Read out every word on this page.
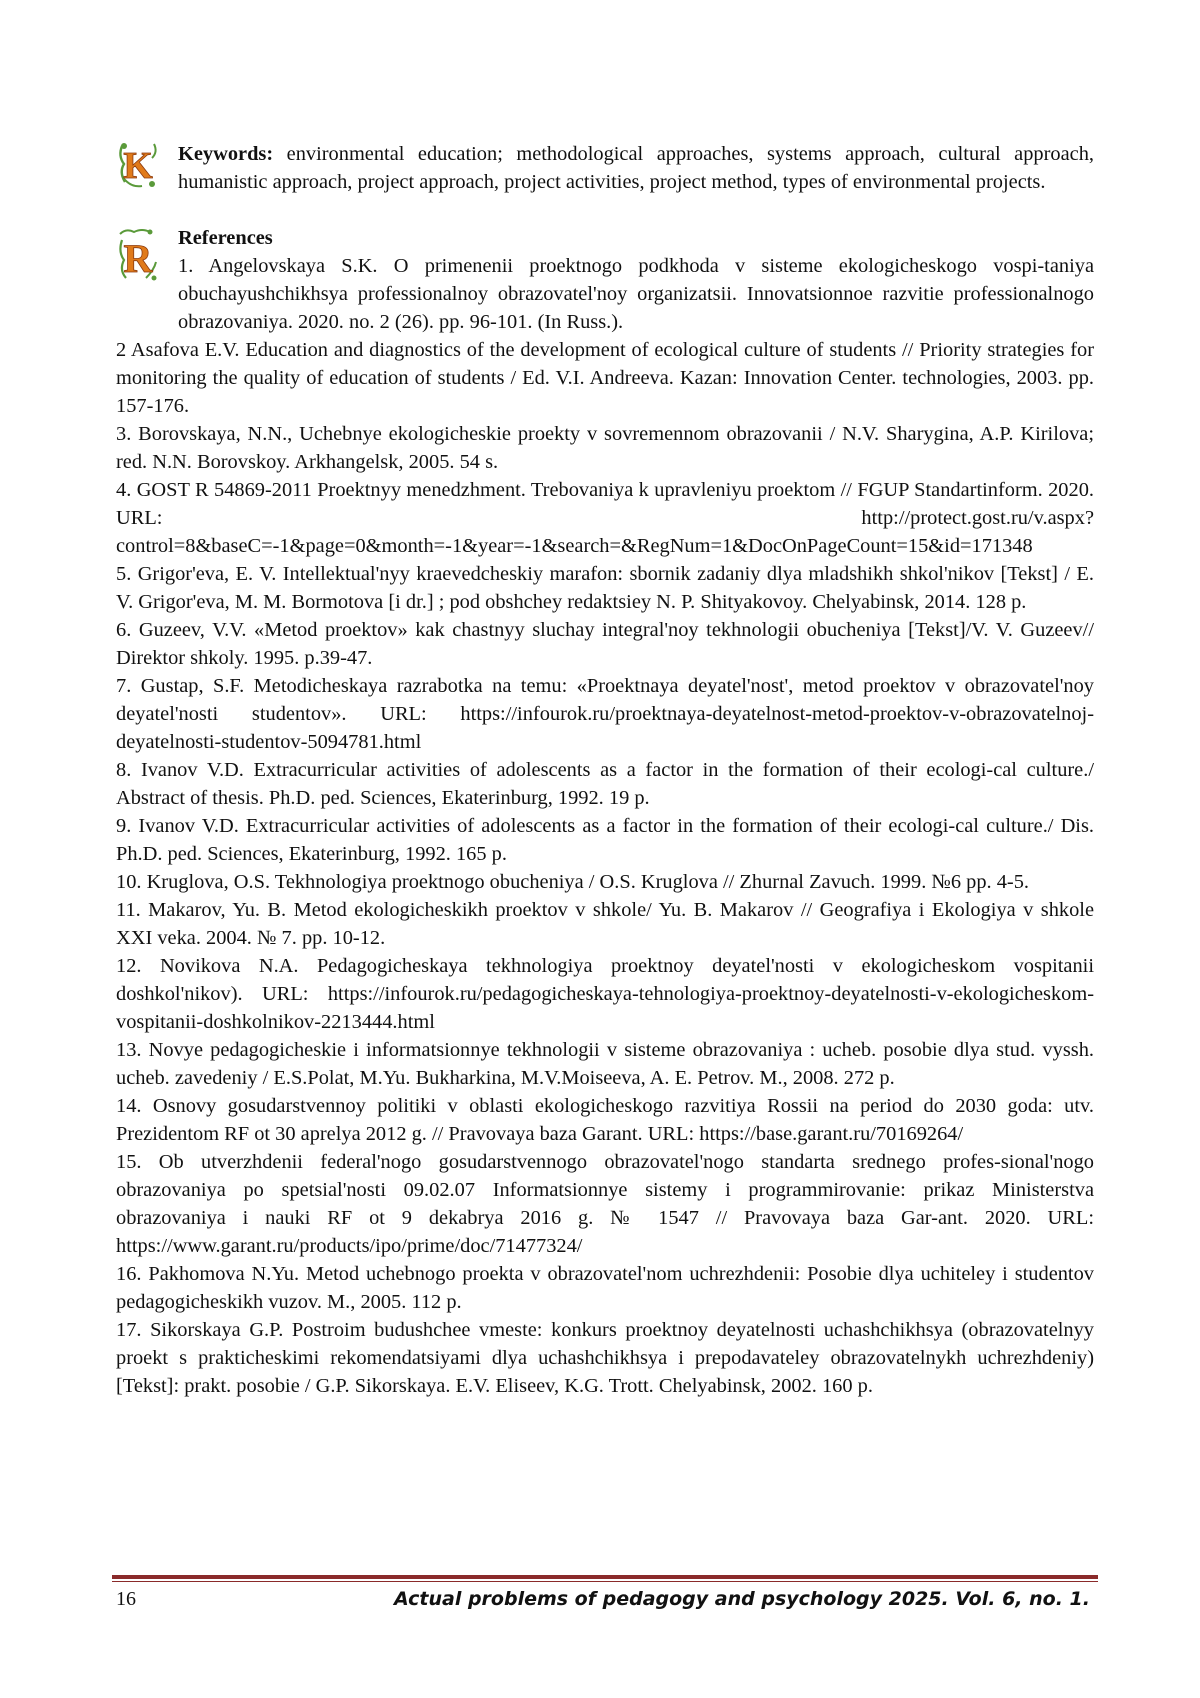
K	Keywords: environmental education; methodological approaches, systems approach, cultural approach, humanistic approach, project approach, project activities, project method, types of environmental projects.
R	References
1. Angelovskaya S.K. O primenenii proektnogo podkhoda v sisteme ekologicheskogo vospi-taniya obuchayushchikhsya professionalnoy obrazovatel'noy organizatsii. Innovatsionnoe razvitie professionalnogo obrazovaniya. 2020. no. 2 (26). pp. 96-101. (In Russ.).
2 Asafova E.V. Education and diagnostics of the development of ecological culture of students // Priority strategies for monitoring the quality of education of students / Ed. V.I. Andreeva. Kazan: Innovation Center. technologies, 2003. pp. 157-176.
3. Borovskaya, N.N., Uchebnye ekologicheskie proekty v sovremennom obrazovanii / N.V. Sharygina, A.P. Kirilova; red. N.N. Borovskoy. Arkhangelsk, 2005. 54 s.
4. GOST R 54869-2011 Proektnyy menedzhment. Trebovaniya k upravleniyu proektom // FGUP Standartinform. 2020. URL: http://protect.gost.ru/v.aspx?control=8&baseC=-1&page=0&month=-1&year=-1&search=&RegNum=1&DocOnPageCount=15&id=171348
5. Grigor'eva, E. V. Intellektual'nyy kraevedcheskiy marafon: sbornik zadaniy dlya mladshikh shkol'nikov [Tekst] / E. V. Grigor'eva, M. M. Bormotova [i dr.] ; pod obshchey redaktsiey N. P. Shityakovoy. Chelyabinsk, 2014. 128 p.
6. Guzeev, V.V. «Metod proektov» kak chastnyy sluchay integral'noy tekhnologii obucheniya [Tekst]/V. V. Guzeev// Direktor shkoly. 1995. p.39-47.
7. Gustap, S.F. Metodicheskaya razrabotka na temu: «Proektnaya deyatel'nost', metod proektov v obrazovatel'noy deyatel'nosti studentov». URL: https://infourok.ru/proektnaya-deyatelnost-metod-proektov-v-obrazovatelnoj-deyatelnosti-studentov-5094781.html
8. Ivanov V.D. Extracurricular activities of adolescents as a factor in the formation of their ecologi-cal culture./ Abstract of thesis. Ph.D. ped. Sciences, Ekaterinburg, 1992. 19 p.
9. Ivanov V.D. Extracurricular activities of adolescents as a factor in the formation of their ecologi-cal culture./ Dis. Ph.D. ped. Sciences, Ekaterinburg, 1992. 165 p.
10. Kruglova, O.S. Tekhnologiya proektnogo obucheniya / O.S. Kruglova // Zhurnal Zavuch. 1999. №6 pp. 4-5.
11. Makarov, Yu. B. Metod ekologicheskikh proektov v shkole/ Yu. B. Makarov // Geografiya i Ekologiya v shkole XXI veka. 2004. № 7. pp. 10-12.
12. Novikova N.A. Pedagogicheskaya tekhnologiya proektnoy deyatel'nosti v ekologicheskom vospitanii doshkol'nikov). URL: https://infourok.ru/pedagogicheskaya-tehnologiya-proektnoy-deyatelnosti-v-ekologicheskom-vospitanii-doshkolnikov-2213444.html
13. Novye pedagogicheskie i informatsionnye tekhnologii v sisteme obrazovaniya : ucheb. posobie dlya stud. vyssh. ucheb. zavedeniy / E.S.Polat, M.Yu. Bukharkina, M.V.Moiseeva, A. E. Petrov. M., 2008. 272 p.
14. Osnovy gosudarstvennoy politiki v oblasti ekologicheskogo razvitiya Rossii na period do 2030 goda: utv. Prezidentom RF ot 30 aprelya 2012 g. // Pravovaya baza Garant. URL: https://base.garant.ru/70169264/
15. Ob utverzhdenii federal'nogo gosudarstvennogo obrazovatel'nogo standarta srednego profes-sional'nogo obrazovaniya po spetsial'nosti 09.02.07 Informatsionnye sistemy i programmirovanie: prikaz Ministerstva obrazovaniya i nauki RF ot 9 dekabrya 2016 g. № 1547 // Pravovaya baza Gar-ant. 2020. URL: https://www.garant.ru/products/ipo/prime/doc/71477324/
16. Pakhomova N.Yu. Metod uchebnogo proekta v obrazovatel'nom uchrezhdenii: Posobie dlya uchiteley i studentov pedagogicheskikh vuzov. M., 2005. 112 p.
17. Sikorskaya G.P. Postroim budushchee vmeste: konkurs proektnoy deyatelnosti uchashchikhsya (obrazovatelnyy proekt s prakticheskimi rekomendatsiyami dlya uchashchikhsya i prepodavateley obrazovatelnykh uchrezhdeniy) [Tekst]: prakt. posobie / G.P. Sikorskaya. E.V. Eliseev, K.G. Trott. Chelyabinsk, 2002. 160 p.
16	Actual problems of pedagogy and psychology 2025. Vol. 6, no. 1.
